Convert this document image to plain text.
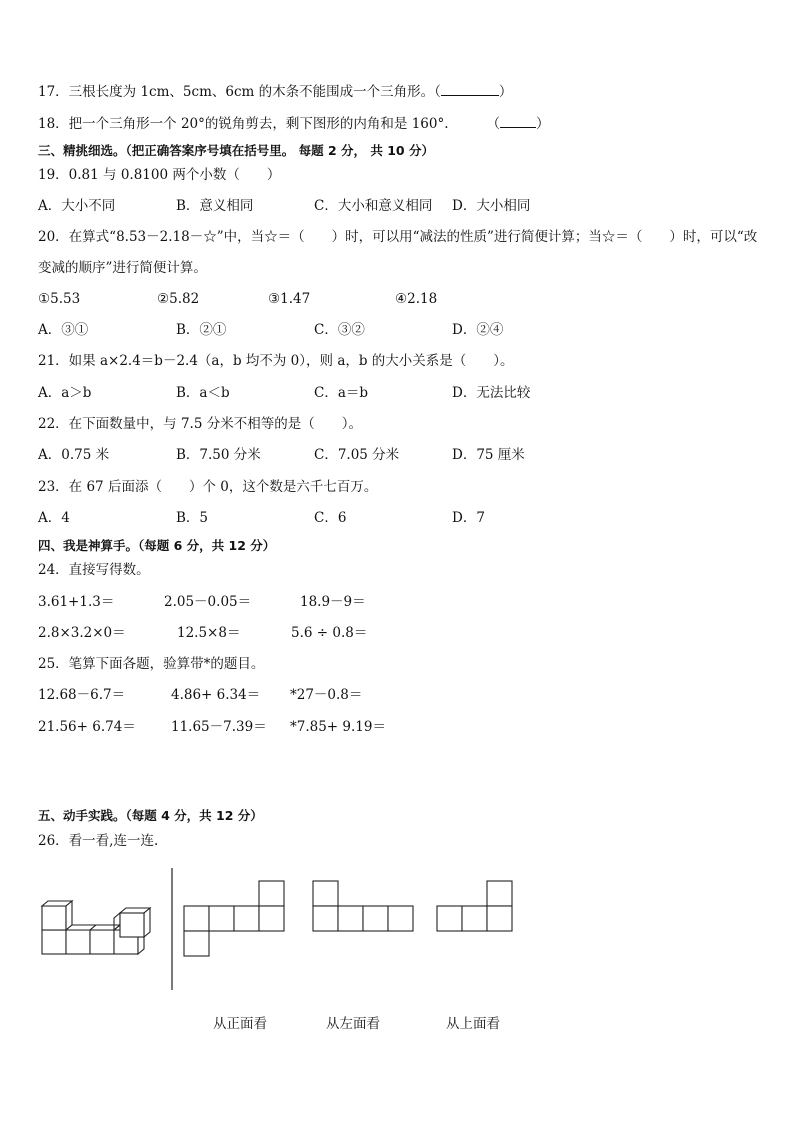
17．三根长度为 1cm、5cm、6cm 的木条不能围成一个三角形。（	）
18．把一个三角形一个 20°的锐角剪去，剩下图形的内角和是 160°.	（	）
三、精挑细选。（把正确答案序号填在括号里。 每题 2 分， 共 10 分）
19．0.81 与 0.8100 两个小数（　　）
A．大小不同	B．意义相同	C．大小和意义相同 D．大小相同
20．在算式“8.53－2.18－☆”中，当☆＝（　　）时，可以用“减法的性质”进行简便计算；当☆＝（　　）时，可以“改
变减的顺序”进行简便计算。
①5.53	②5.82	③1.47	④2.18
A．③①	B．②①	C．③②	D．②④
21．如果 a×2.4＝b－2.4（a，b 均不为 0），则 a，b 的大小关系是（　　）。
A．a＞b	B．a＜b	C．a＝b	D．无法比较
22．在下面数量中，与 7.5 分米不相等的是（　　）。
A．0.75 米	B．7.50 分米	C．7.05 分米	D．75 厘米
23．在 67 后面添（　　）个 0，这个数是六千七百万。
A．4	B．5	C．6	D．7
四、我是神算手。（每题 6 分，共 12 分）
24．直接写得数。
3.61+1.3＝	2.05－0.05＝	18.9－9＝
2.8×3.2×0＝	12.5×8＝	5.6 ÷ 0.8＝
25．笔算下面各题，验算带*的题目。
12.68－6.7＝	4.86+ 6.34＝ *27－0.8＝
21.56+ 6.74＝	11.65－7.39＝ *7.85+ 9.19＝
五、动手实践。（每题 4 分，共 12 分）
26．看一看,连一连.
从正面看	从左面看	从上面看
